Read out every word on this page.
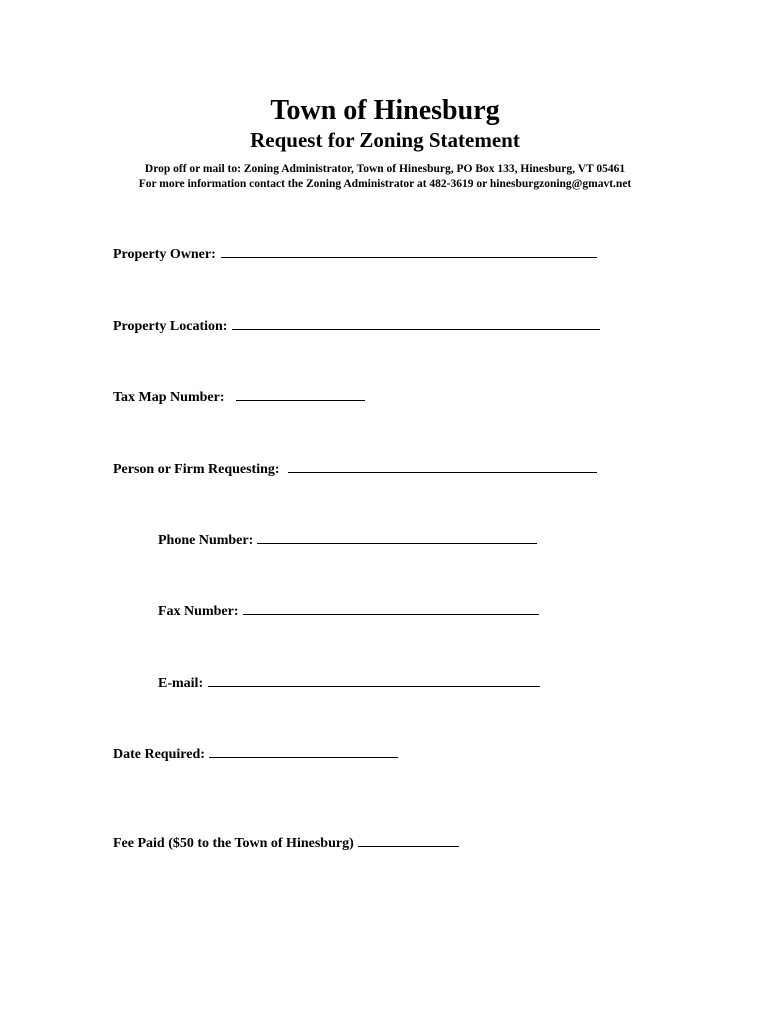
Town of Hinesburg
Request for Zoning Statement
Drop off or mail to: Zoning Administrator, Town of Hinesburg, PO Box 133, Hinesburg, VT 05461
For more information contact the Zoning Administrator at 482-3619 or hinesburgzoning@gmavt.net
Property Owner:
Property Location:
Tax Map Number:
Person or Firm Requesting:
Phone Number:
Fax Number:
E-mail:
Date Required:
Fee Paid ($50 to the Town of Hinesburg)
